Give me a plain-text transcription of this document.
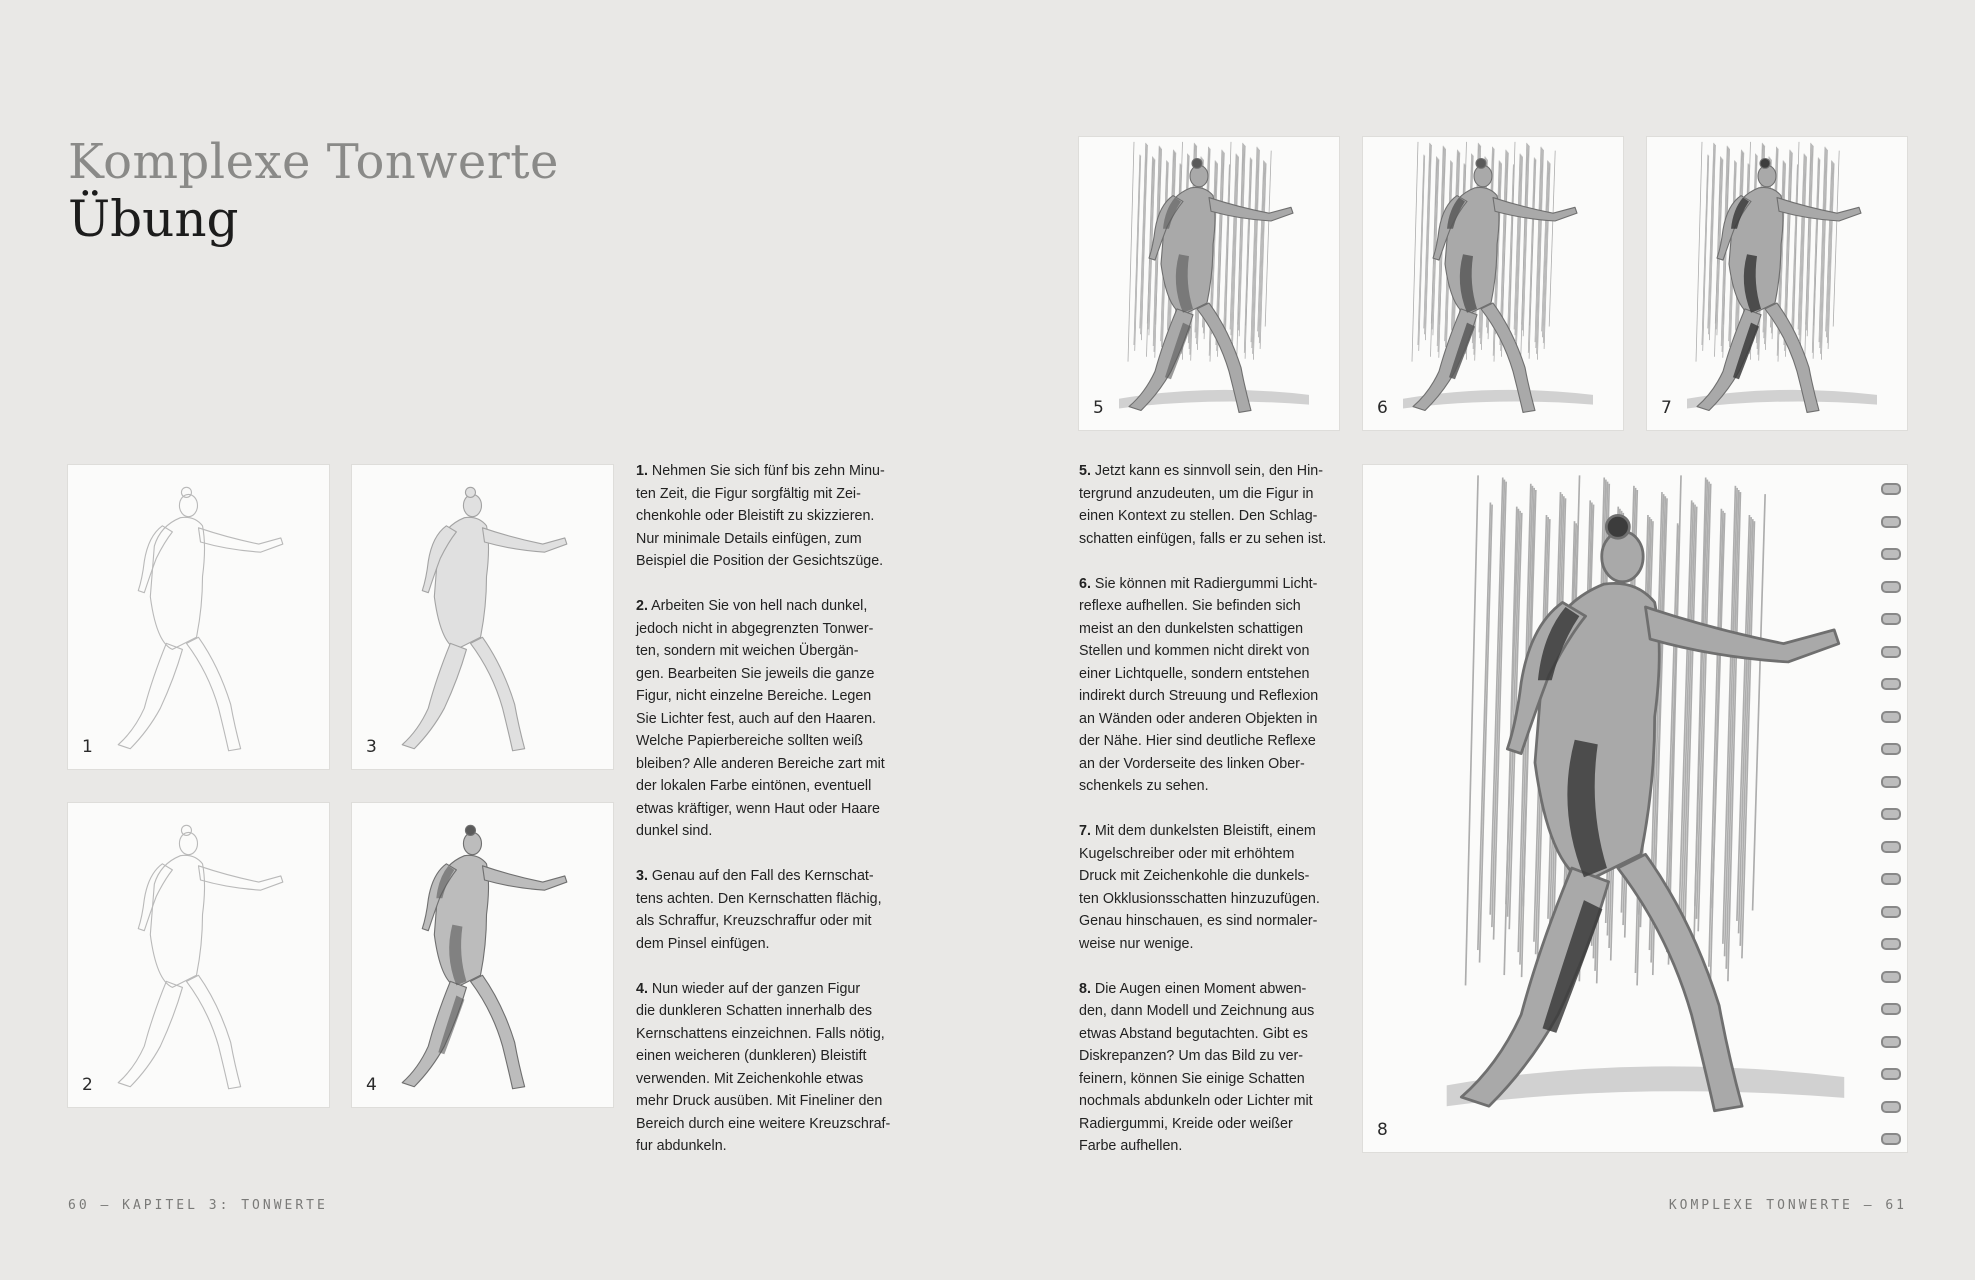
Komplexe Tonwerte
Übung
1
2
3
4

1. Nehmen Sie sich fünf bis zehn Minu-
ten Zeit, die Figur sorgfältig mit Zei-
chenkohle oder Bleistift zu skizzieren.
Nur minimale Details einfügen, zum
Beispiel die Position der Gesichtszüge.

2. Arbeiten Sie von hell nach dunkel,
jedoch nicht in abgegrenzten Tonwer-
ten, sondern mit weichen Übergän-
gen. Bearbeiten Sie jeweils die ganze
Figur, nicht einzelne Bereiche. Legen
Sie Lichter fest, auch auf den Haaren.
Welche Papierbereiche sollten weiß
bleiben? Alle anderen Bereiche zart mit
der lokalen Farbe eintönen, eventuell
etwas kräftiger, wenn Haut oder Haare
dunkel sind.

3. Genau auf den Fall des Kernschat-
tens achten. Den Kernschatten flächig,
als Schraffur, Kreuzschraffur oder mit
dem Pinsel einfügen.

4. Nun wieder auf der ganzen Figur
die dunkleren Schatten innerhalb des
Kernschattens einzeichnen. Falls nötig,
einen weicheren (dunkleren) Bleistift
verwenden. Mit Zeichenkohle etwas
mehr Druck ausüben. Mit Fineliner den
Bereich durch eine weitere Kreuzschraf-
fur abdunkeln.

5	6	7

5. Jetzt kann es sinnvoll sein, den Hin-
tergrund anzudeuten, um die Figur in
einen Kontext zu stellen. Den Schlag-
schatten einfügen, falls er zu sehen ist.

6. Sie können mit Radiergummi Licht-
reflexe aufhellen. Sie befinden sich
meist an den dunkelsten schattigen
Stellen und kommen nicht direkt von
einer Lichtquelle, sondern entstehen
indirekt durch Streuung und Reflexion
an Wänden oder anderen Objekten in
der Nähe. Hier sind deutliche Reflexe
an der Vorderseite des linken Ober-
schenkels zu sehen.

7. Mit dem dunkelsten Bleistift, einem
Kugelschreiber oder mit erhöhtem
Druck mit Zeichenkohle die dunkels-
ten Okklusionsschatten hinzuzufügen.
Genau hinschauen, es sind normaler-
weise nur wenige.

8. Die Augen einen Moment abwen-
den, dann Modell und Zeichnung aus
etwas Abstand begutachten. Gibt es
Diskrepanzen? Um das Bild zu ver-
feinern, können Sie einige Schatten
nochmals abdunkeln oder Lichter mit
Radiergummi, Kreide oder weißer
Farbe aufhellen.

8
60 — KAPITEL 3: TONWERTE	KOMPLEXE TONWERTE — 61
